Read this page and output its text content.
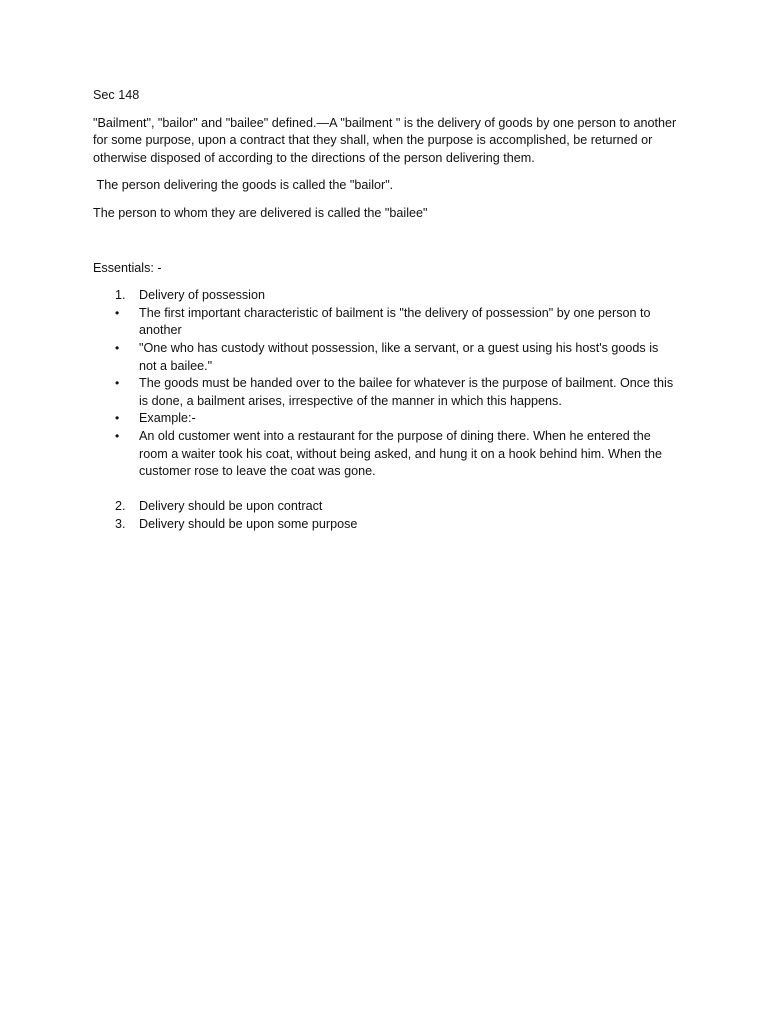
Sec 148

"Bailment", "bailor" and "bailee" defined.—A "bailment " is the delivery of goods by one person to another for some purpose, upon a contract that they shall, when the purpose is accomplished, be returned or otherwise disposed of according to the directions of the person delivering them.

The person delivering the goods is called the "bailor".

The person to whom they are delivered is called the "bailee"

Essentials: -

1.	Delivery of possession
•	The first important characteristic of bailment is "the delivery of possession" by one person to another
•	"One who has custody without possession, like a servant, or a guest using his host's goods is not a bailee."
•	The goods must be handed over to the bailee for whatever is the purpose of bailment. Once this is done, a bailment arises, irrespective of the manner in which this happens.
•	Example:-
•	An old customer went into a restaurant for the purpose of dining there. When he entered the room a waiter took his coat, without being asked, and hung it on a hook behind him. When the customer rose to leave the coat was gone.
2.	Delivery should be upon contract
3.	Delivery should be upon some purpose
